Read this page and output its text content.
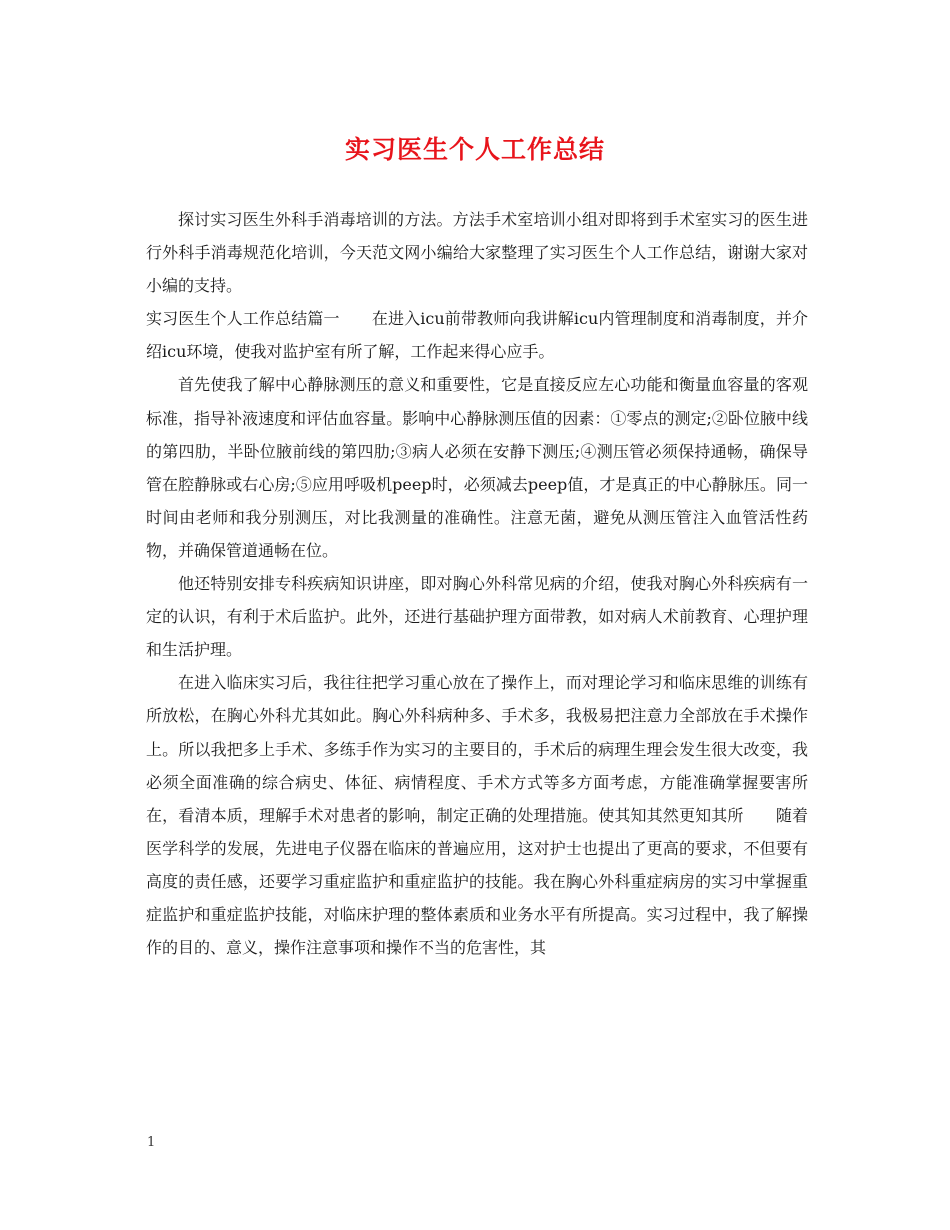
实习医生个人工作总结

探讨实习医生外科手消毒培训的方法。方法手术室培训小组对即将到手术室实习的医生进行外科手消毒规范化培训，今天范文网小编给大家整理了实习医生个人工作总结，谢谢大家对小编的支持。

实习医生个人工作总结篇一　　在进入icu前带教师向我讲解icu内管理制度和消毒制度，并介绍icu环境，使我对监护室有所了解，工作起来得心应手。

首先使我了解中心静脉测压的意义和重要性，它是直接反应左心功能和衡量血容量的客观标准，指导补液速度和评估血容量。影响中心静脉测压值的因素：①零点的测定;②卧位腋中线的第四肋，半卧位腋前线的第四肋;③病人必须在安静下测压;④测压管必须保持通畅，确保导管在腔静脉或右心房;⑤应用呼吸机peep时，必须减去peep值，才是真正的中心静脉压。同一时间由老师和我分别测压，对比我测量的准确性。注意无菌，避免从测压管注入血管活性药物，并确保管道通畅在位。

他还特别安排专科疾病知识讲座，即对胸心外科常见病的介绍，使我对胸心外科疾病有一定的认识，有利于术后监护。此外，还进行基础护理方面带教，如对病人术前教育、心理护理和生活护理。

在进入临床实习后，我往往把学习重心放在了操作上，而对理论学习和临床思维的训练有所放松，在胸心外科尤其如此。胸心外科病种多、手术多，我极易把注意力全部放在手术操作上。所以我把多上手术、多练手作为实习的主要目的，手术后的病理生理会发生很大改变，我必须全面准确的综合病史、体征、病情程度、手术方式等多方面考虑，方能准确掌握要害所在，看清本质，理解手术对患者的影响，制定正确的处理措施。使其知其然更知其所　　随着医学科学的发展，先进电子仪器在临床的普遍应用，这对护士也提出了更高的要求，不但要有高度的责任感，还要学习重症监护和重症监护的技能。我在胸心外科重症病房的实习中掌握重症监护和重症监护技能，对临床护理的整体素质和业务水平有所提高。实习过程中，我了解操作的目的、意义，操作注意事项和操作不当的危害性，其

1
